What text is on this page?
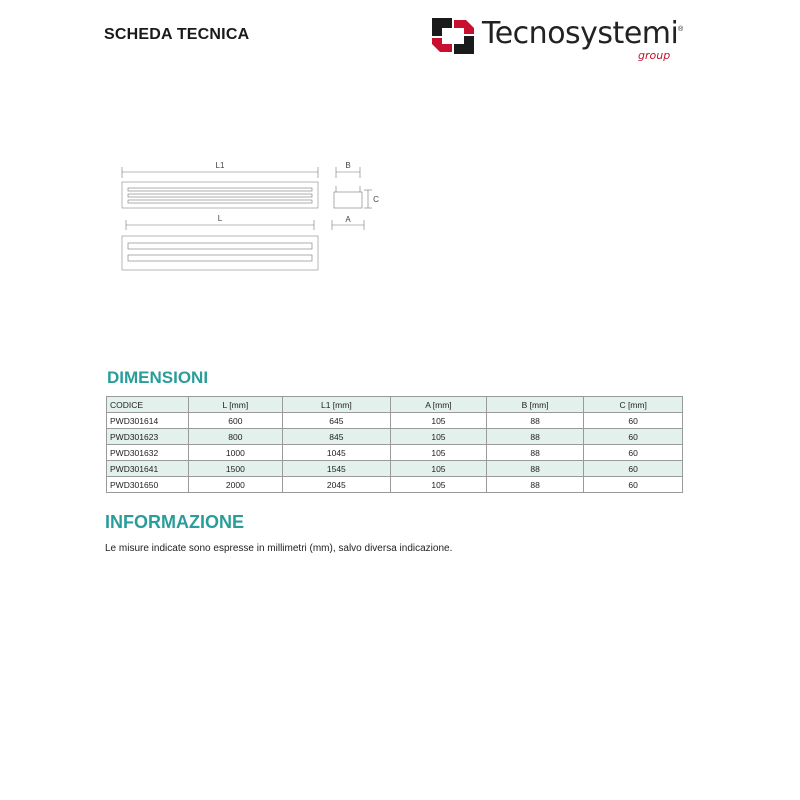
SCHEDA TECNICA	Tecnosystemi ®
group
L1
L
B
A
C
DIMENSIONI
CODICE	L [mm]	L1 [mm]	A [mm]	B [mm]	C [mm]
PWD301614	600	645	105	88	60
PWD301623	800	845	105	88	60
PWD301632	1000	1045	105	88	60
PWD301641	1500	1545	105	88	60
PWD301650	2000	2045	105	88	60
INFORMAZIONE
Le misure indicate sono espresse in millimetri (mm), salvo diversa indicazione.
